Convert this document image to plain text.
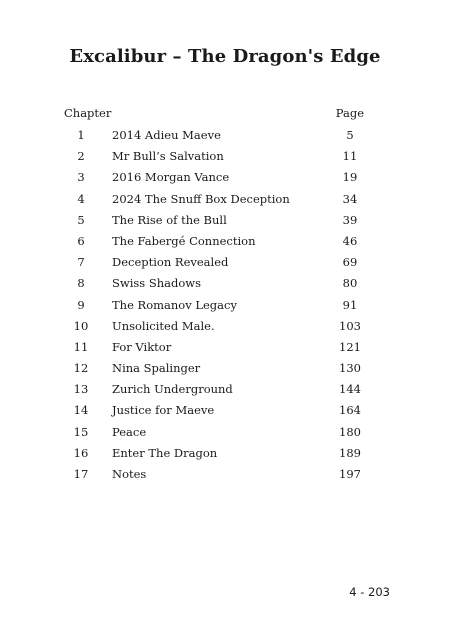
Excalibur – The Dragon's Edge
Chapter	Page
1	2014 Adieu Maeve	5
2	Mr Bull’s Salvation	11
3	2016 Morgan Vance	19
4	2024 The Snuff Box Deception	34
5	The Rise of the Bull	39
6	The Fabergé Connection	46
7	Deception Revealed	69
8	Swiss Shadows	80
9	The Romanov Legacy	91
10	Unsolicited Male.	103
11	For Viktor	121
12	Nina Spalinger	130
13	Zurich Underground	144
14	Justice for Maeve	164
15	Peace	180
16	Enter The Dragon	189
17	Notes	197
4 - 203
